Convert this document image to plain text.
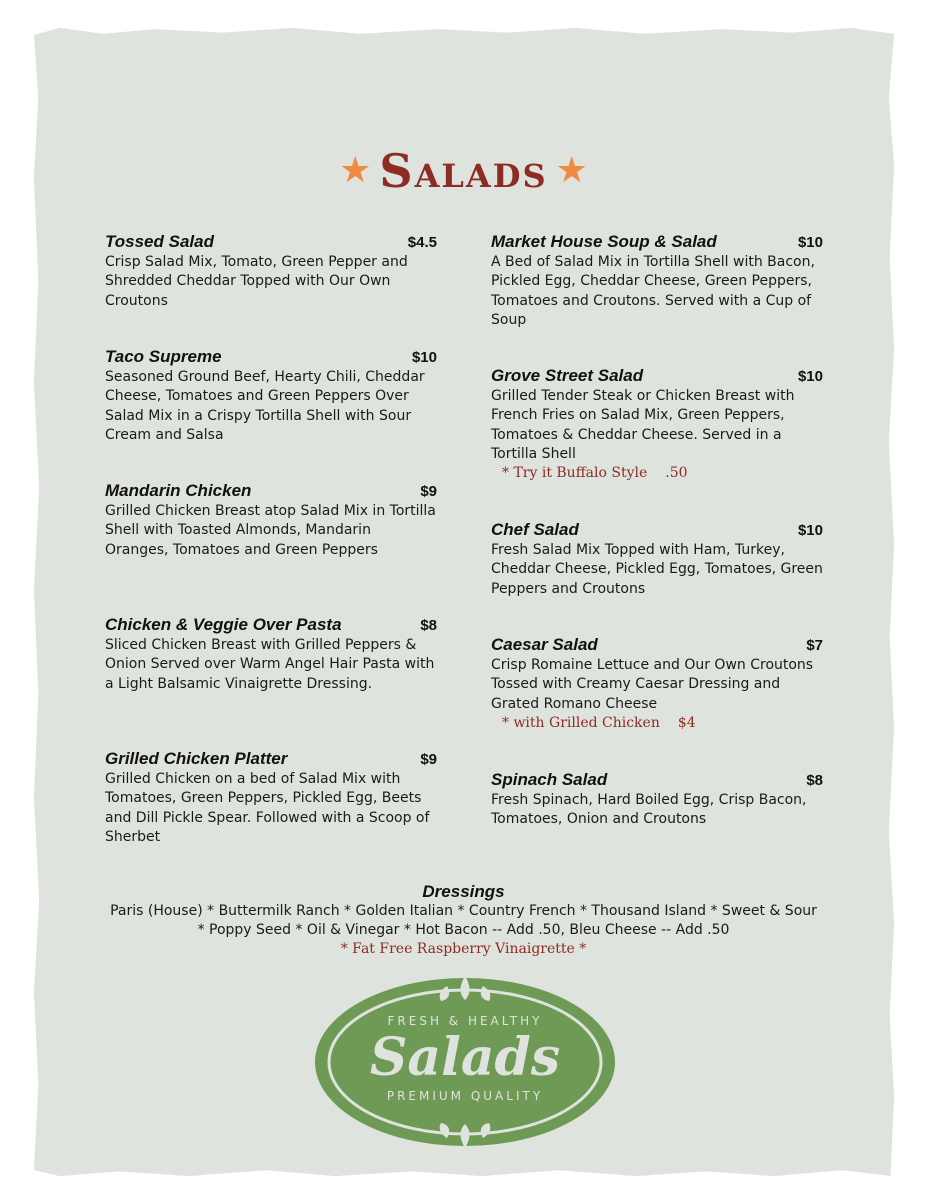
★ Salads ★
Tossed Salad	$4.5
Crisp Salad Mix, Tomato, Green Pepper and Shredded Cheddar Topped with Our Own Croutons
Taco Supreme	$10
Seasoned Ground Beef, Hearty Chili, Cheddar Cheese, Tomatoes and Green Peppers Over Salad Mix in a Crispy Tortilla Shell with Sour Cream and Salsa
Mandarin Chicken	$9
Grilled Chicken Breast atop Salad Mix in Tortilla Shell with Toasted Almonds, Mandarin Oranges, Tomatoes and Green Peppers
Chicken & Veggie Over Pasta	$8
Sliced Chicken Breast with Grilled Peppers & Onion Served over Warm Angel Hair Pasta with a Light Balsamic Vinaigrette Dressing.
Grilled Chicken Platter	$9
Grilled Chicken on a bed of Salad Mix with Tomatoes, Green Peppers, Pickled Egg, Beets and Dill Pickle Spear. Followed with a Scoop of Sherbet
Market House Soup & Salad	$10
A Bed of Salad Mix in Tortilla Shell with Bacon, Pickled Egg, Cheddar Cheese, Green Peppers, Tomatoes and Croutons. Served with a Cup of Soup
Grove Street Salad	$10
Grilled Tender Steak or Chicken Breast with French Fries on Salad Mix, Green Peppers, Tomatoes & Cheddar Cheese. Served in a Tortilla Shell
* Try it Buffalo Style .50
Chef Salad	$10
Fresh Salad Mix Topped with Ham, Turkey, Cheddar Cheese, Pickled Egg, Tomatoes, Green Peppers and Croutons
Caesar Salad	$7
Crisp Romaine Lettuce and Our Own Croutons Tossed with Creamy Caesar Dressing and Grated Romano Cheese
* with Grilled Chicken $4
Spinach Salad	$8
Fresh Spinach, Hard Boiled Egg, Crisp Bacon, Tomatoes, Onion and Croutons
Dressings
Paris (House) * Buttermilk Ranch * Golden Italian * Country French * Thousand Island * Sweet & Sour * Poppy Seed * Oil & Vinegar * Hot Bacon -- Add .50, Bleu Cheese -- Add .50
* Fat Free Raspberry Vinaigrette *
FRESH & HEALTHY
Salads
PREMIUM QUALITY
